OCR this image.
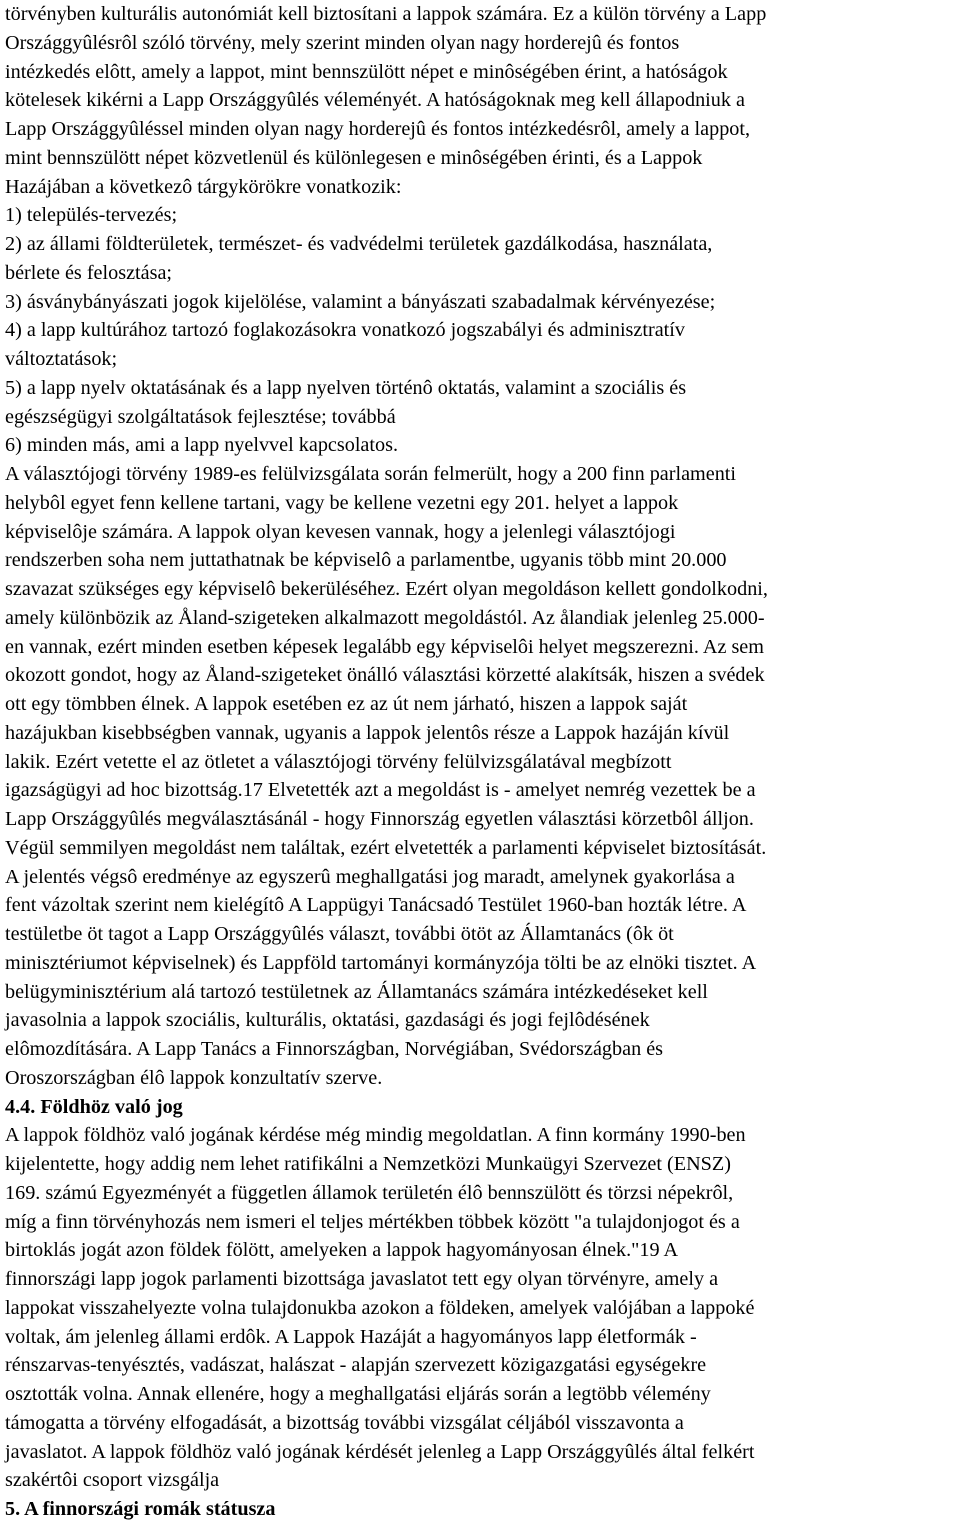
törvényben kulturális autonómiát kell biztosítani a lappok számára. Ez a külön törvény a Lapp
Országgyûlésrôl szóló törvény, mely szerint minden olyan nagy horderejû és fontos
intézkedés elôtt, amely a lappot, mint bennszülött népet e minôségében érint, a hatóságok
kötelesek kikérni a Lapp Országgyûlés véleményét. A hatóságoknak meg kell állapodniuk a
Lapp Országgyûléssel minden olyan nagy horderejû és fontos intézkedésrôl, amely a lappot,
mint bennszülött népet közvetlenül és különlegesen e minôségében érinti, és a Lappok
Hazájában a következô tárgykörökre vonatkozik:
1) település-tervezés;
2) az állami földterületek, természet- és vadvédelmi területek gazdálkodása, használata,
bérlete és felosztása;
3) ásványbányászati jogok kijelölése, valamint a bányászati szabadalmak kérvényezése;
4) a lapp kultúrához tartozó foglakozásokra vonatkozó jogszabályi és adminisztratív
változtatások;
5) a lapp nyelv oktatásának és a lapp nyelven történô oktatás, valamint a szociális és
egészségügyi szolgáltatások fejlesztése; továbbá
6) minden más, ami a lapp nyelvvel kapcsolatos.
A választójogi törvény 1989-es felülvizsgálata során felmerült, hogy a 200 finn parlamenti
helybôl egyet fenn kellene tartani, vagy be kellene vezetni egy 201. helyet a lappok
képviselôje számára. A lappok olyan kevesen vannak, hogy a jelenlegi választójogi
rendszerben soha nem juttathatnak be képviselô a parlamentbe, ugyanis több mint 20.000
szavazat szükséges egy képviselô bekerüléséhez. Ezért olyan megoldáson kellett gondolkodni,
amely különbözik az Åland-szigeteken alkalmazott megoldástól. Az ålandiak jelenleg 25.000-
en vannak, ezért minden esetben képesek legalább egy képviselôi helyet megszerezni. Az sem
okozott gondot, hogy az Åland-szigeteket önálló választási körzetté alakítsák, hiszen a svédek
ott egy tömbben élnek. A lappok esetében ez az út nem járható, hiszen a lappok saját
hazájukban kisebbségben vannak, ugyanis a lappok jelentôs része a Lappok hazáján kívül
lakik. Ezért vetette el az ötletet a választójogi törvény felülvizsgálatával megbízott
igazságügyi ad hoc bizottság.17 Elvetették azt a megoldást is - amelyet nemrég vezettek be a
Lapp Országgyûlés megválasztásánál - hogy Finnország egyetlen választási körzetbôl álljon.
Végül semmilyen megoldást nem találtak, ezért elvetették a parlamenti képviselet biztosítását.
A jelentés végsô eredménye az egyszerû meghallgatási jog maradt, amelynek gyakorlása a
fent vázoltak szerint nem kielégítô A Lappügyi Tanácsadó Testület 1960-ban hozták létre. A
testületbe öt tagot a Lapp Országgyûlés választ, további ötöt az Államtanács (ôk öt
minisztériumot képviselnek) és Lappföld tartományi kormányzója tölti be az elnöki tisztet. A
belügyminisztérium alá tartozó testületnek az Államtanács számára intézkedéseket kell
javasolnia a lappok szociális, kulturális, oktatási, gazdasági és jogi fejlôdésének
elômozdítására. A Lapp Tanács a Finnországban, Norvégiában, Svédországban és
Oroszországban élô lappok konzultatív szerve.
4.4. Földhöz való jog
A lappok földhöz való jogának kérdése még mindig megoldatlan. A finn kormány 1990-ben
kijelentette, hogy addig nem lehet ratifikálni a Nemzetközi Munkaügyi Szervezet (ENSZ)
169. számú Egyezményét a független államok területén élô bennszülött és törzsi népekrôl,
míg a finn törvényhozás nem ismeri el teljes mértékben többek között "a tulajdonjogot és a
birtoklás jogát azon földek fölött, amelyeken a lappok hagyományosan élnek."19 A
finnországi lapp jogok parlamenti bizottsága javaslatot tett egy olyan törvényre, amely a
lappokat visszahelyezte volna tulajdonukba azokon a földeken, amelyek valójában a lappoké
voltak, ám jelenleg állami erdôk. A Lappok Hazáját a hagyományos lapp életformák -
rénszarvas-tenyésztés, vadászat, halászat - alapján szervezett közigazgatási egységekre
osztották volna. Annak ellenére, hogy a meghallgatási eljárás során a legtöbb vélemény
támogatta a törvény elfogadását, a bizottság további vizsgálat céljából visszavonta a
javaslatot. A lappok földhöz való jogának kérdését jelenleg a Lapp Országgyûlés által felkért
szakértôi csoport vizsgálja
5. A finnországi romák státusza
